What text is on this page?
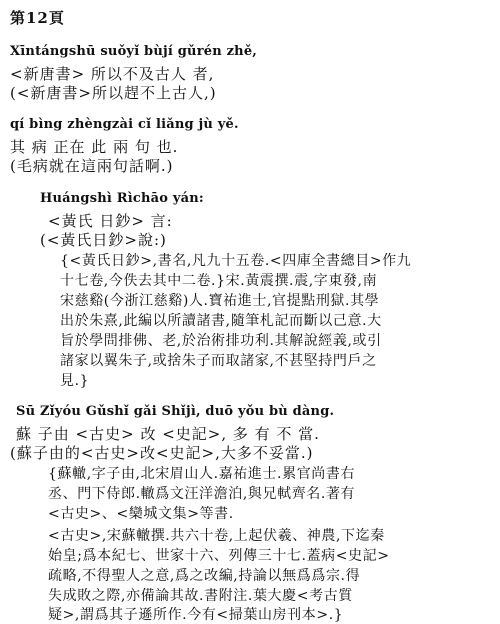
第12頁
Xīntángshū suǒyǐ bùjí gǔrén zhě,
<新唐書> 所以不及古人 者,
(<新唐書>所以趕不上古人,)
qí bìng zhèngzài cǐ liǎng jù yě.
其 病 正在 此 兩 句 也.
(毛病就在這兩句話啊.)
Huángshì Rìchāo yán:
<黃氏 日鈔> 言:
(<黃氏日鈔>說:)
{<黃氏日鈔>,書名,凡九十五卷.<四庫全書總目>作九
十七卷,今佚去其中二卷.}宋.黃震撰.震,字東發,南
宋慈谿(今浙江慈谿)人.寶祐進士,官提點刑獄.其學
出於朱熹,此編以所讀諸書,隨筆札記而斷以己意.大
旨於學問排佛、老,於治術排功利.其解說經義,或引
諸家以翼朱子,或捨朱子而取諸家,不甚堅持門戶之
見.}
Sū Zǐyóu Gǔshǐ gǎi Shǐjì, duō yǒu bù dàng.
蘇 子由 <古史> 改 <史記>, 多 有 不 當.
(蘇子由的<古史>改<史記>,大多不妥當.)
{蘇轍,字子由,北宋眉山人.嘉祐進士.累官尚書右
丞、門下侍郎.轍爲文汪洋澹泊,與兄軾齊名.著有
<古史>、<欒城文集>等書.
<古史>,宋蘇轍撰.共六十卷,上起伏羲、神農,下迄秦
始皇;爲本紀七、世家十六、列傳三十七.蓋病<史記>
疏略,不得聖人之意,爲之改編,持論以無爲爲宗.得
失成敗之際,亦備論其故.書附注.葉大慶<考古質
疑>,謂爲其子遜所作.今有<掃葉山房刊本>.}
